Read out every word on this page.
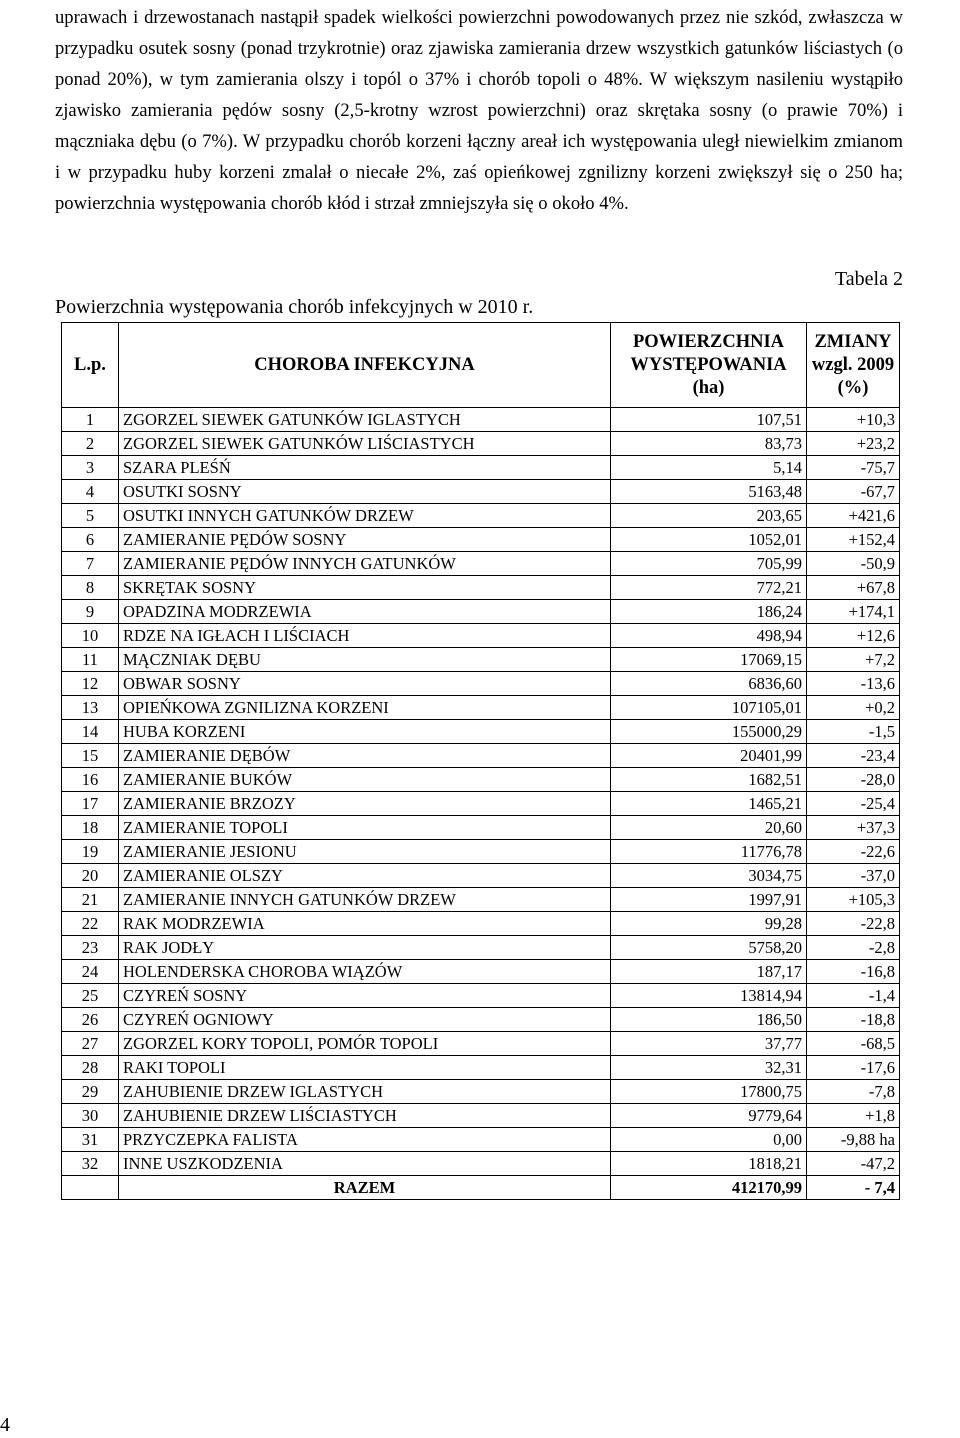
uprawach i drzewostanach nastąpił spadek wielkości powierzchni powodowanych przez nie szkód, zwłaszcza w przypadku osutek sosny (ponad trzykrotnie) oraz zjawiska zamierania drzew wszystkich gatunków liściastych (o ponad 20%), w tym zamierania olszy i topól o 37% i chorób topoli o 48%. W większym nasileniu wystąpiło zjawisko zamierania pędów sosny (2,5-krotny wzrost powierzchni) oraz skrętaka sosny (o prawie 70%) i mączniaka dębu (o 7%). W przypadku chorób korzeni łączny areał ich występowania uległ niewielkim zmianom i w przypadku huby korzeni zmalał o niecałe 2%, zaś opieńkowej zgnilizny korzeni zwiększył się o 250 ha; powierzchnia występowania chorób kłód i strzał zmniejszyła się o około 4%.

Tabela 2
Powierzchnia występowania chorób infekcyjnych w 2010 r.
L.p.	CHOROBA INFEKCYJNA	POWIERZCHNIA WYSTĘPOWANIA (ha)	ZMIANY wzgl. 2009 (%)
1	ZGORZEL SIEWEK GATUNKÓW IGLASTYCH	107,51	+10,3
2	ZGORZEL SIEWEK GATUNKÓW LIŚCIASTYCH	83,73	+23,2
3	SZARA PLEŚŃ	5,14	-75,7
4	OSUTKI SOSNY	5163,48	-67,7
5	OSUTKI INNYCH GATUNKÓW DRZEW	203,65	+421,6
6	ZAMIERANIE PĘDÓW SOSNY	1052,01	+152,4
7	ZAMIERANIE PĘDÓW INNYCH GATUNKÓW	705,99	-50,9
8	SKRĘTAK SOSNY	772,21	+67,8
9	OPADZINA MODRZEWIA	186,24	+174,1
10	RDZE NA IGŁACH I LIŚCIACH	498,94	+12,6
11	MĄCZNIAK DĘBU	17069,15	+7,2
12	OBWAR SOSNY	6836,60	-13,6
13	OPIEŃKOWA ZGNILIZNA KORZENI	107105,01	+0,2
14	HUBA KORZENI	155000,29	-1,5
15	ZAMIERANIE DĘBÓW	20401,99	-23,4
16	ZAMIERANIE BUKÓW	1682,51	-28,0
17	ZAMIERANIE BRZOZY	1465,21	-25,4
18	ZAMIERANIE TOPOLI	20,60	+37,3
19	ZAMIERANIE JESIONU	11776,78	-22,6
20	ZAMIERANIE OLSZY	3034,75	-37,0
21	ZAMIERANIE INNYCH GATUNKÓW DRZEW	1997,91	+105,3
22	RAK MODRZEWIA	99,28	-22,8
23	RAK JODŁY	5758,20	-2,8
24	HOLENDERSKA CHOROBA WIĄZÓW	187,17	-16,8
25	CZYREŃ SOSNY	13814,94	-1,4
26	CZYREŃ OGNIOWY	186,50	-18,8
27	ZGORZEL KORY TOPOLI, POMÓR TOPOLI	37,77	-68,5
28	RAKI TOPOLI	32,31	-17,6
29	ZAHUBIENIE DRZEW IGLASTYCH	17800,75	-7,8
30	ZAHUBIENIE DRZEW LIŚCIASTYCH	9779,64	+1,8
31	PRZYCZEPKA FALISTA	0,00	-9,88 ha
32	INNE USZKODZENIA	1818,21	-47,2
	RAZEM	412170,99	- 7,4
4
